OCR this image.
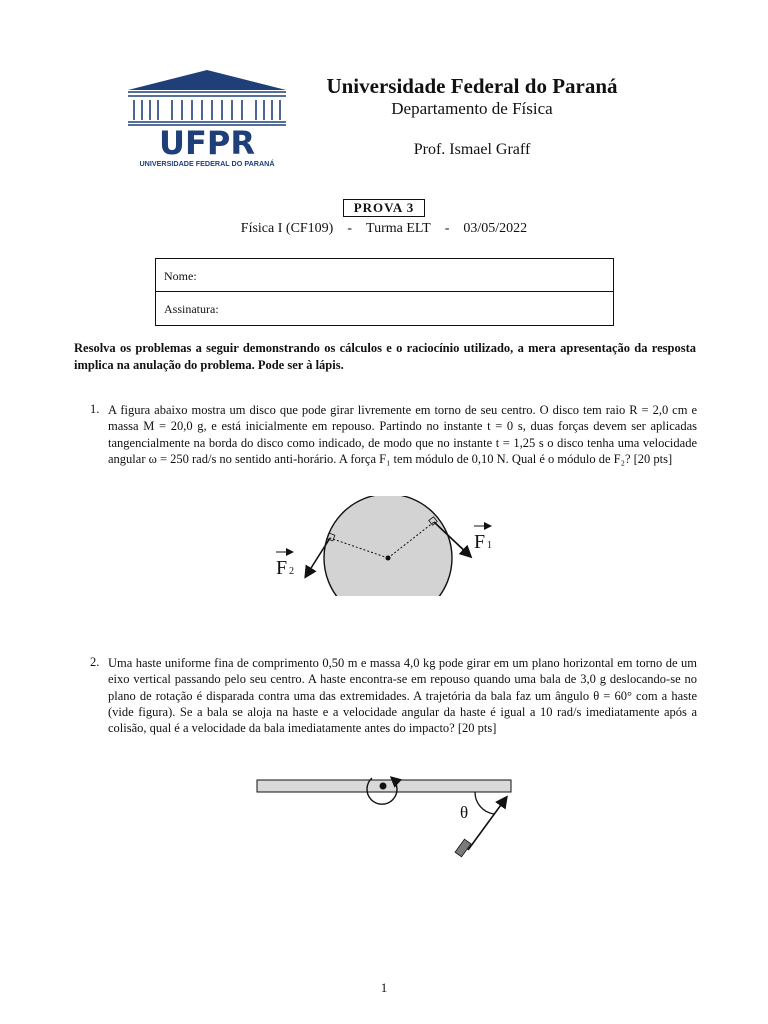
UFPR
UNIVERSIDADE FEDERAL DO PARANÁ
Universidade Federal do Paraná
Departamento de Física
Prof. Ismael Graff
PROVA 3
Física I (CF109) - Turma ELT - 03/05/2022
Nome:
Assinatura:
Resolva os problemas a seguir demonstrando os cálculos e o raciocínio utilizado, a mera apresentação da resposta implica na anulação do problema. Pode ser à lápis.
1. A figura abaixo mostra um disco que pode girar livremente em torno de seu centro. O disco tem raio R = 2,0 cm e massa M = 20,0 g, e está inicialmente em repouso. Partindo no instante t = 0 s, duas forças devem ser aplicadas tangencialmente na borda do disco como indicado, de modo que no instante t = 1,25 s o disco tenha uma velocidade angular ω = 250 rad/s no sentido anti-horário. A força F₁ tem módulo de 0,10 N. Qual é o módulo de F₂? [20 pts]
F 1
F 2
2. Uma haste uniforme fina de comprimento 0,50 m e massa 4,0 kg pode girar em um plano horizontal em torno de um eixo vertical passando pelo seu centro. A haste encontra-se em repouso quando uma bala de 3,0 g deslocando-se no plano de rotação é disparada contra uma das extremidades. A trajetória da bala faz um ângulo θ = 60° com a haste (vide figura). Se a bala se aloja na haste e a velocidade angular da haste é igual a 10 rad/s imediatamente após a colisão, qual é a velocidade da bala imediatamente antes do impacto? [20 pts]
θ
1
